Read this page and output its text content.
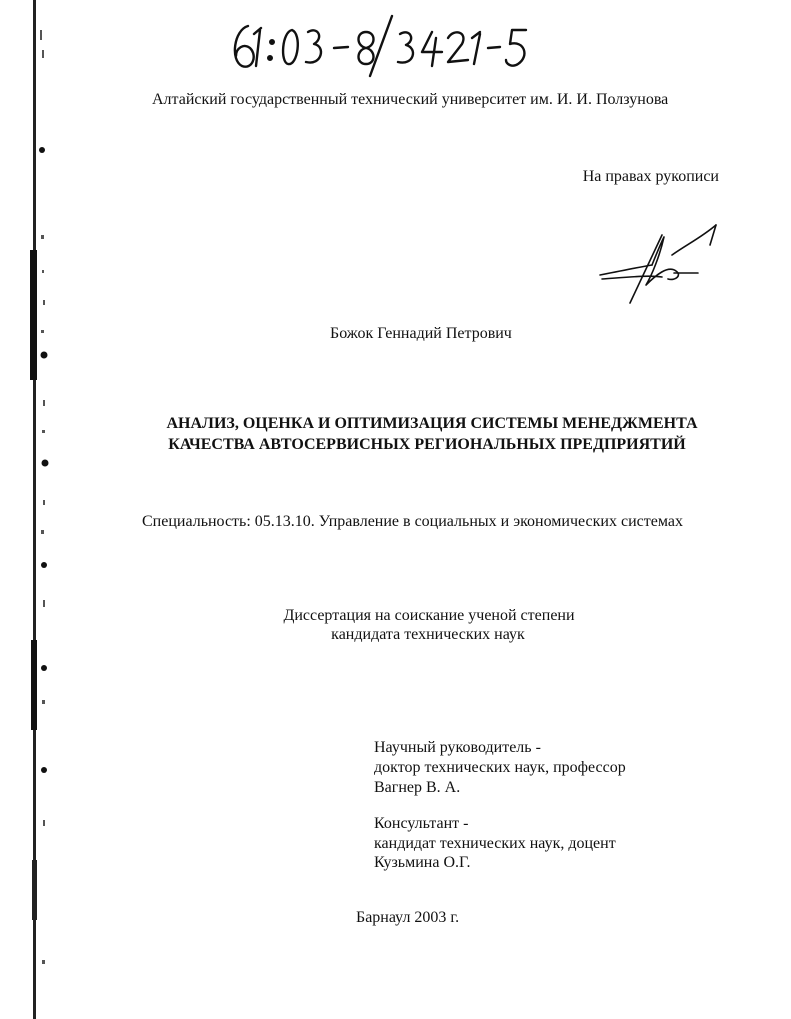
Алтайский государственный технический университет им. И. И. Ползунова
На правах рукописи
Божок Геннадий Петрович
АНАЛИЗ, ОЦЕНКА И ОПТИМИЗАЦИЯ СИСТЕМЫ МЕНЕДЖМЕНТА
КАЧЕСТВА АВТОСЕРВИСНЫХ РЕГИОНАЛЬНЫХ ПРЕДПРИЯТИЙ
Специальность: 05.13.10. Управление в социальных и экономических системах
Диссертация на соискание ученой степени
кандидата технических наук
Научный руководитель -
доктор технических наук, профессор
Вагнер В. А.
Консультант -
кандидат технических наук, доцент
Кузьмина О.Г.
Барнаул 2003 г.
